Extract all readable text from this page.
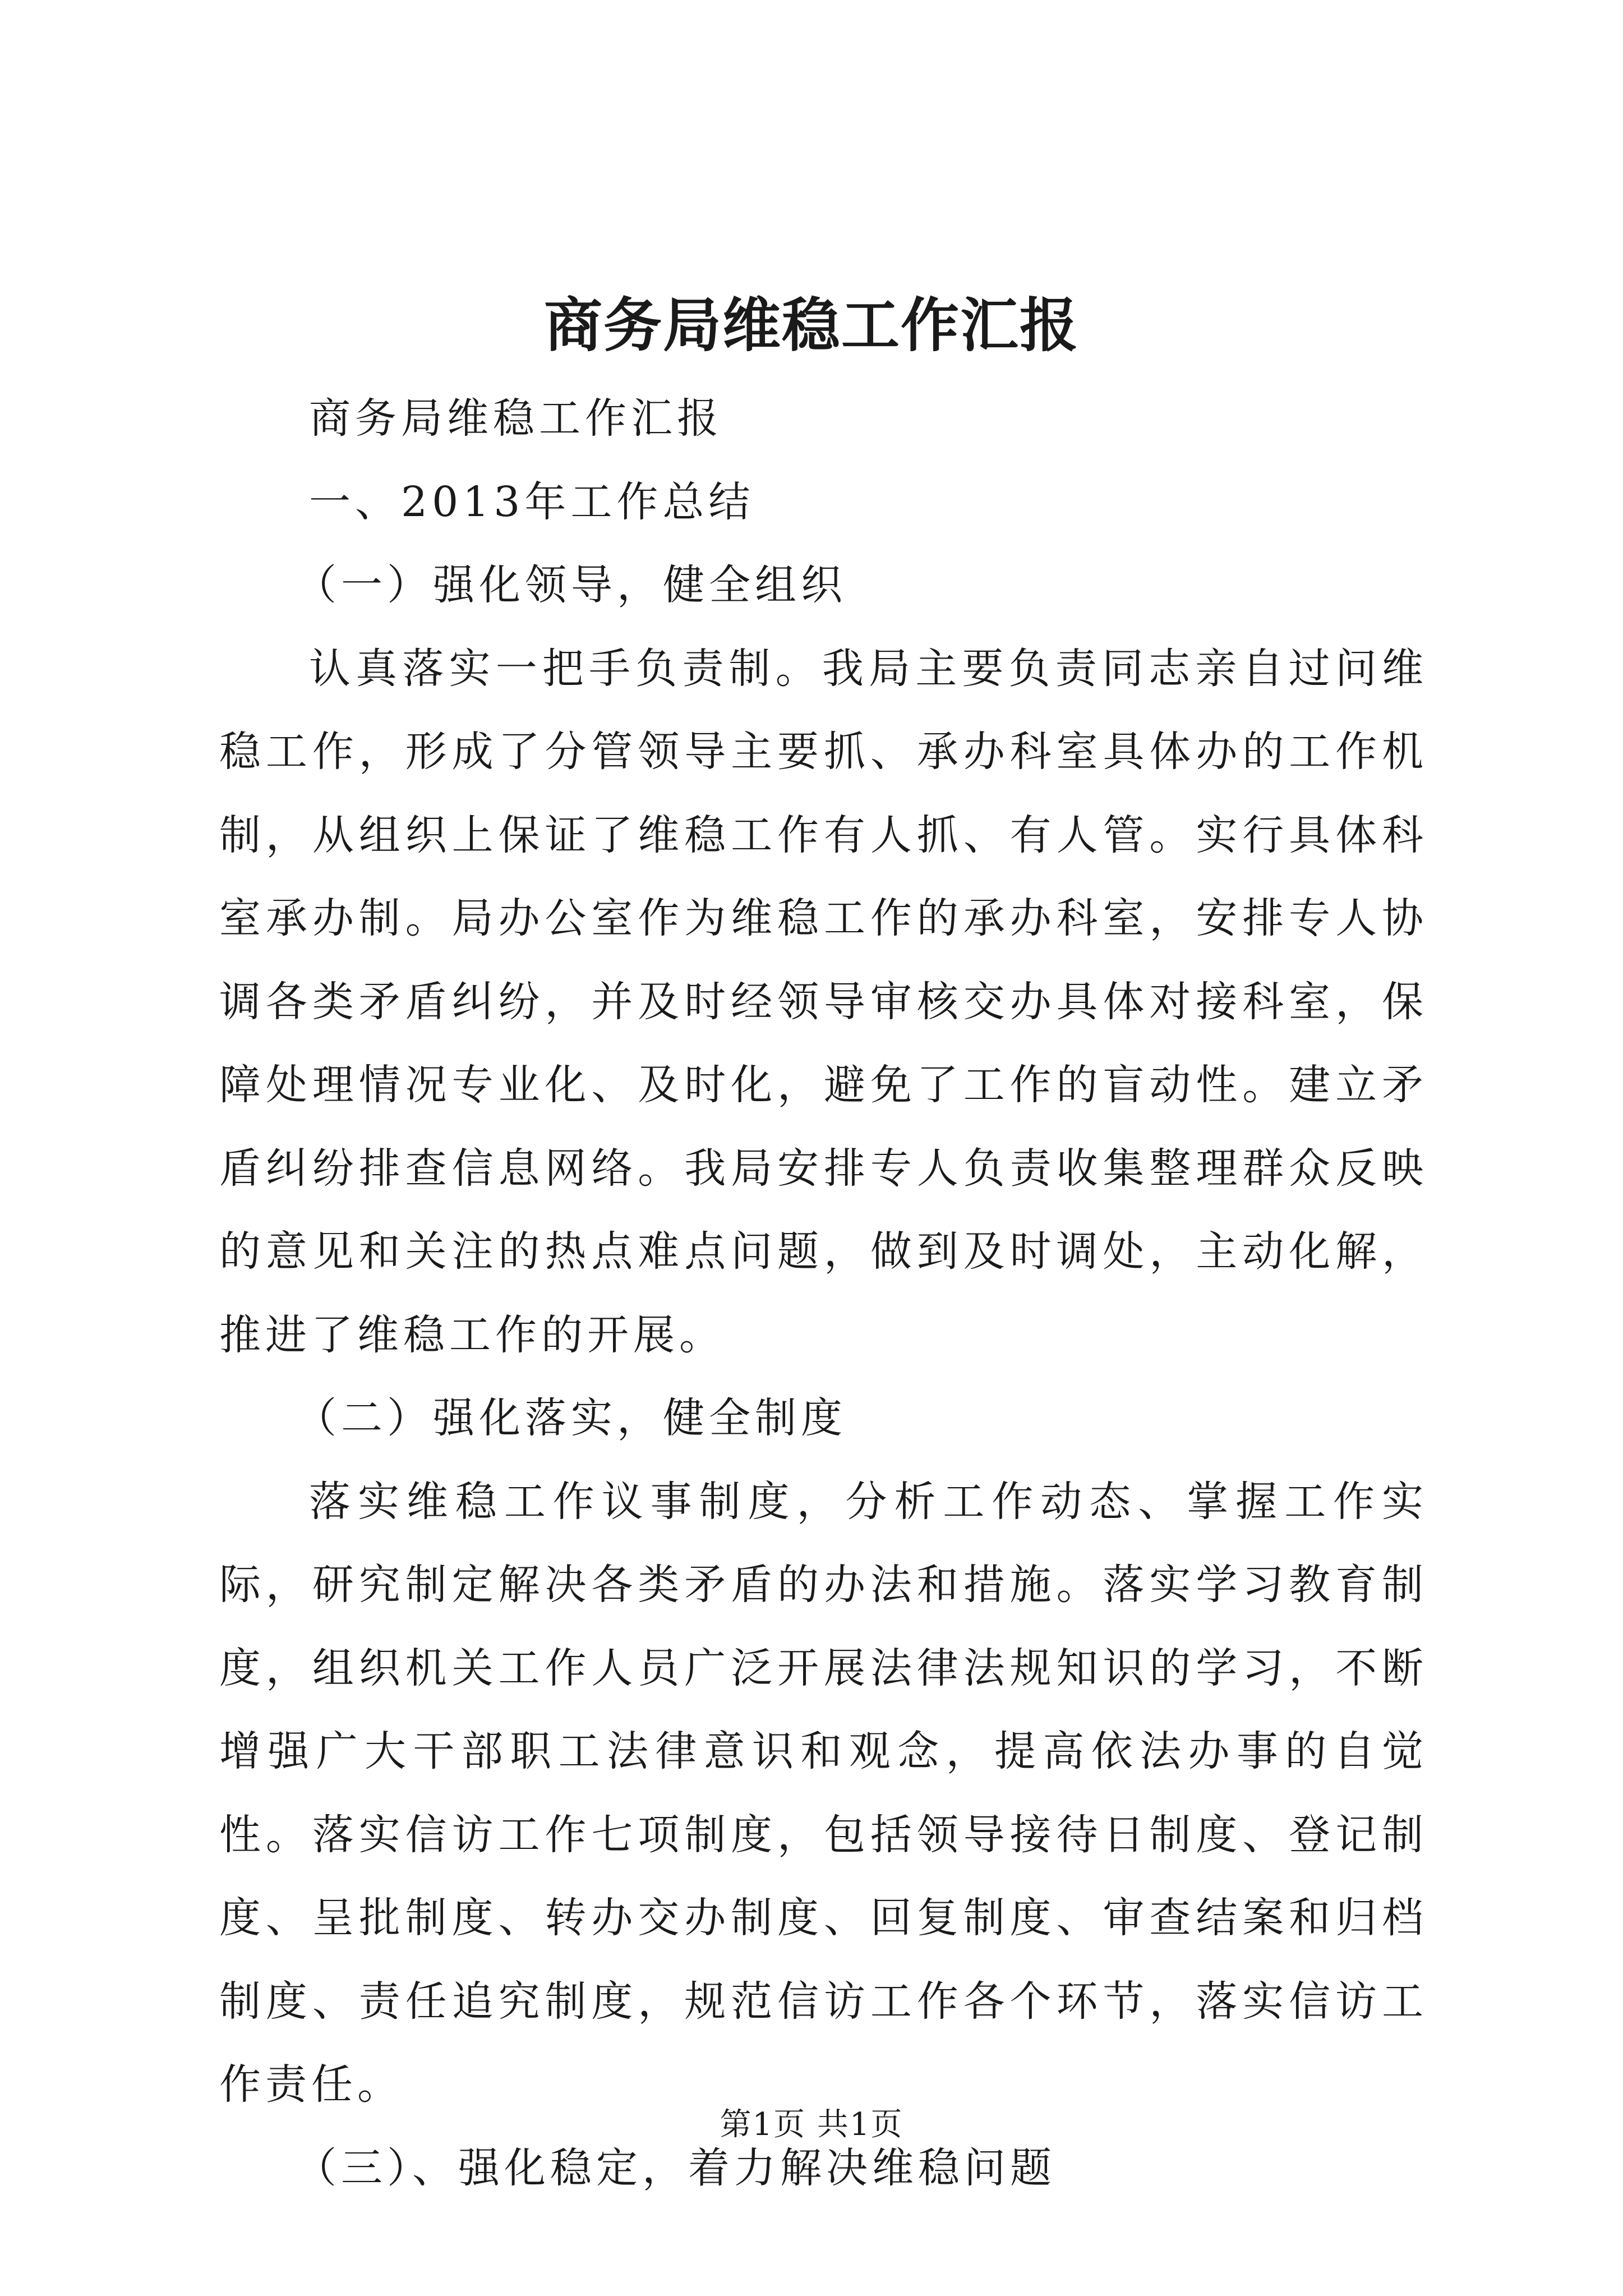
商务局维稳工作汇报

商务局维稳工作汇报

一、2013年工作总结

（一）强化领导，健全组织

认真落实一把手负责制。我局主要负责同志亲自过问维稳工作，形成了分管领导主要抓、承办科室具体办的工作机制，从组织上保证了维稳工作有人抓、有人管。实行具体科室承办制。局办公室作为维稳工作的承办科室，安排专人协调各类矛盾纠纷，并及时经领导审核交办具体对接科室，保障处理情况专业化、及时化，避免了工作的盲动性。建立矛盾纠纷排查信息网络。我局安排专人负责收集整理群众反映的意见和关注的热点难点问题，做到及时调处，主动化解，推进了维稳工作的开展。

（二）强化落实，健全制度

落实维稳工作议事制度，分析工作动态、掌握工作实际，研究制定解决各类矛盾的办法和措施。落实学习教育制度，组织机关工作人员广泛开展法律法规知识的学习，不断增强广大干部职工法律意识和观念，提高依法办事的自觉性。落实信访工作七项制度，包括领导接待日制度、登记制度、呈批制度、转办交办制度、回复制度、审查结案和归档制度、责任追究制度，规范信访工作各个环节，落实信访工作责任。

（三）、强化稳定，着力解决维稳问题

第1页 共1页
